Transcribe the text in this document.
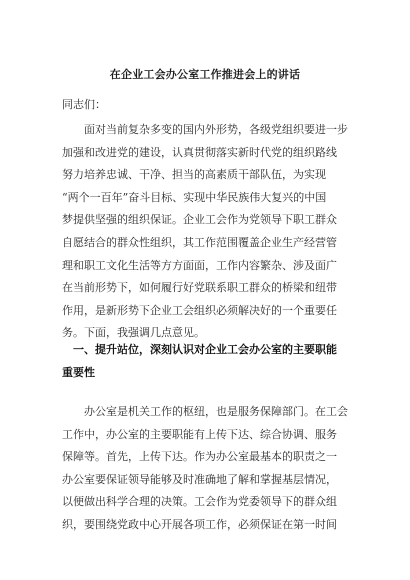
在企业工会办公室工作推进会上的讲话

同志们：

　　面对当前复杂多变的国内外形势，各级党组织要进一步
加强和改进党的建设，认真贯彻落实新时代党的组织路线
努力培养忠诚、干净、担当的高素质干部队伍，为实现
“两个一百年”奋斗目标、实现中华民族伟大复兴的中国
梦提供坚强的组织保证。企业工会作为党领导下职工群众
自愿结合的群众性组织，其工作范围覆盖企业生产经营管
理和职工文化生活等方方面面，工作内容繁杂、涉及面广
在当前形势下，如何履行好党联系职工群众的桥梁和纽带
作用，是新形势下企业工会组织必须解决好的一个重要任
务。下面，我强调几点意见。
　一、提升站位，深刻认识对企业工会办公室的主要职能
重要性
　　办公室是机关工作的枢纽，也是服务保障部门。在工会
工作中，办公室的主要职能有上传下达、综合协调、服务
保障等。首先，上传下达。作为办公室最基本的职责之一
办公室要保证领导能够及时准确地了解和掌握基层情况，
以便做出科学合理的决策。工会作为党委领导下的群众组
织，要围绕党政中心开展各项工作，必须保证在第一时间
